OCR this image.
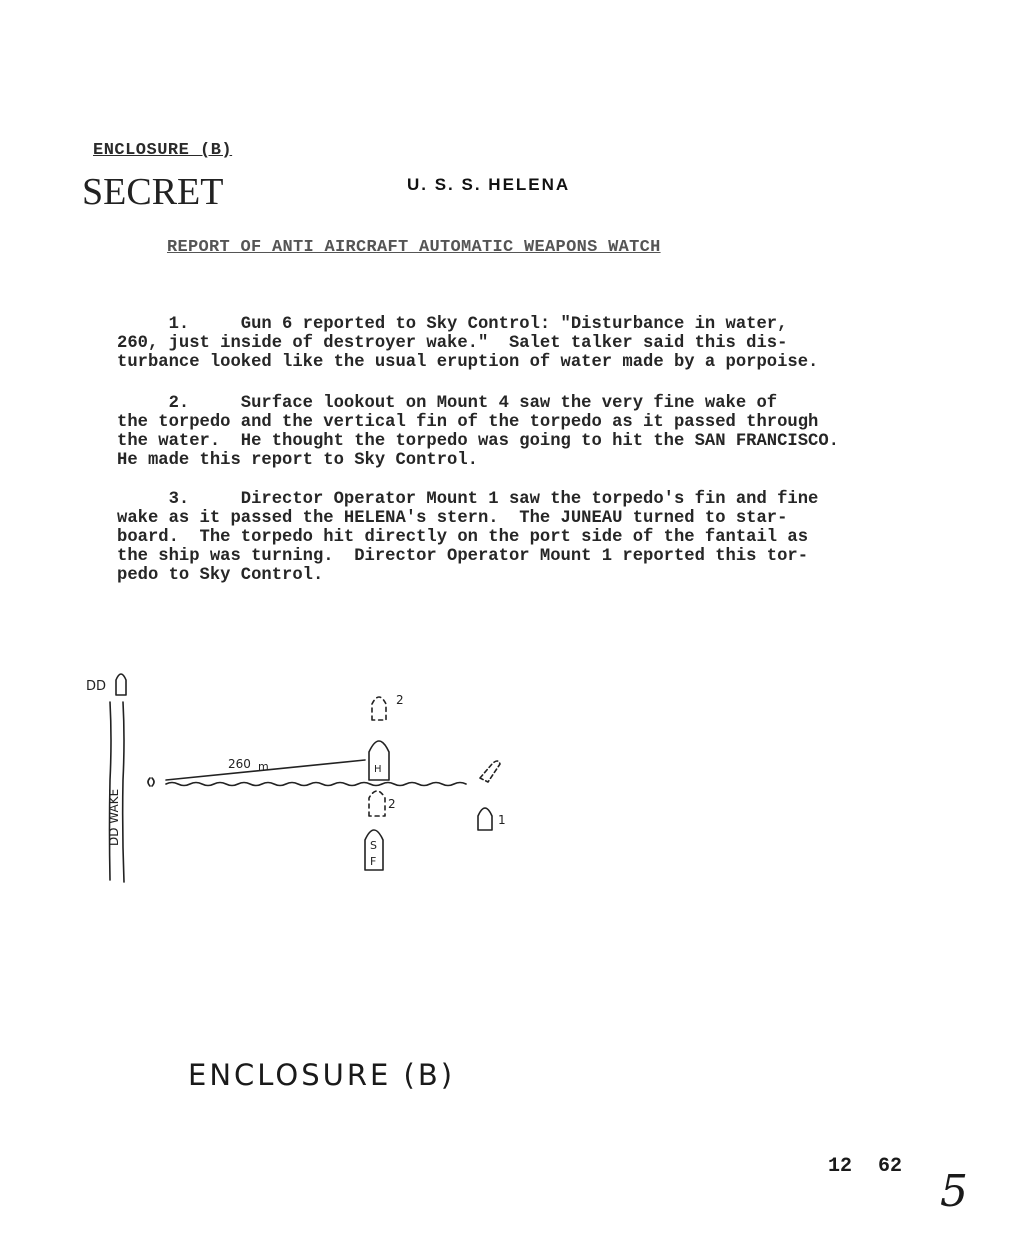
ENCLOSURE (B)
SECRET	U. S. S. HELENA
REPORT OF ANTI AIRCRAFT AUTOMATIC WEAPONS WATCH
1.     Gun 6 reported to Sky Control: "Disturbance in water,
260, just inside of destroyer wake."  Salet talker said this dis-
turbance looked like the usual eruption of water made by a porpoise.
2.     Surface lookout on Mount 4 saw the very fine wake of
the torpedo and the vertical fin of the torpedo as it passed through
the water.  He thought the torpedo was going to hit the SAN FRANCISCO.
He made this report to Sky Control.
3.     Director Operator Mount 1 saw the torpedo's fin and fine
wake as it passed the HELENA's stern.  The JUNEAU turned to star-
board.  The torpedo hit directly on the port side of the fantail as
the ship was turning.  Director Operator Mount 1 reported this tor-
pedo to Sky Control.
DD
DD WAKE
260 m	H
2
2
S
F
1
ENCLOSURE (B)
12 62 5
